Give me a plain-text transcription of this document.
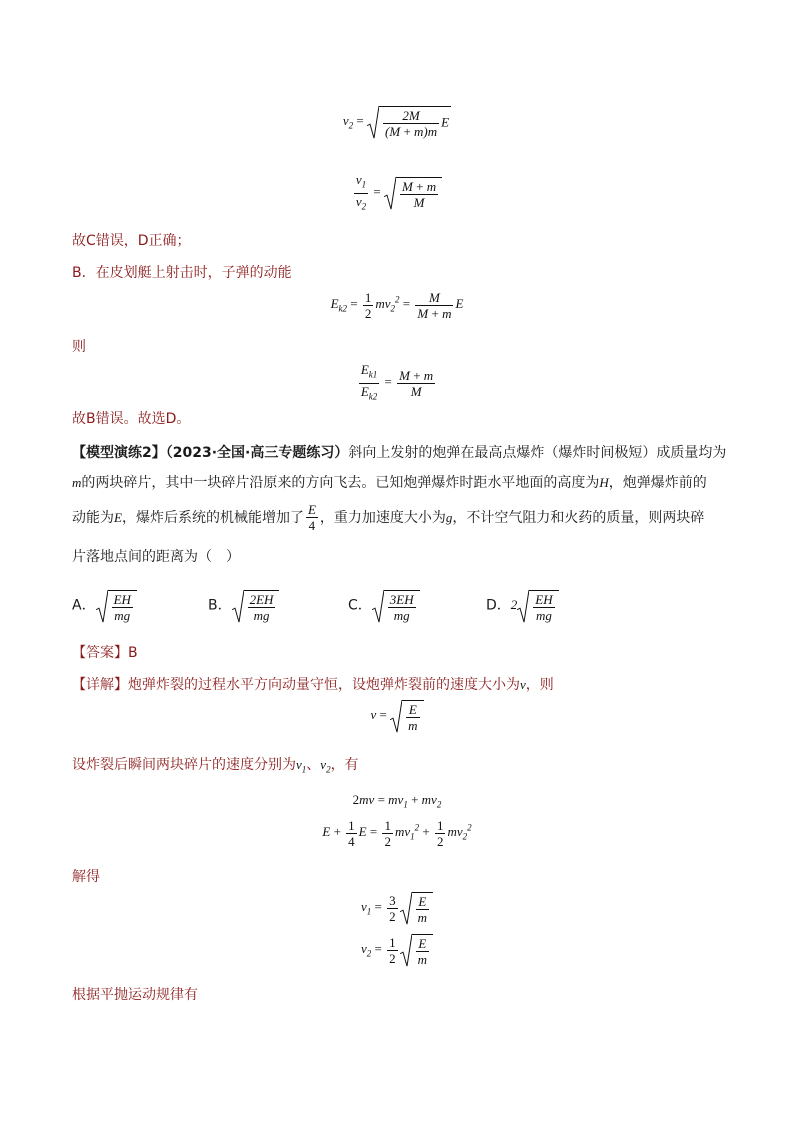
$v_2 = \frac{2M}{(M + m)m}$ E
$\frac{v_1}{v_2} = \frac{M + m}{M}$
故C错误，D正确；
B．在皮划艇上射击时，子弹的动能
$E_{k2} = \frac{1}{2} mv_2^2 = \frac{M}{M + m}$ E
则
$\frac{E_{k1}}{E_{k2}} = \frac{M + m}{M}$
故B错误。故选D。
【模型演练2】（2023·全国·高三专题练习）斜向上发射的炮弹在最高点爆炸（爆炸时间极短）成质量均为
m的两块碎片，其中一块碎片沿原来的方向飞去。已知炮弹爆炸时距水平地面的高度为H，炮弹爆炸前的
动能为E，爆炸后系统的机械能增加了 $\frac{E}{4}$ ，重力加速度大小为g，不计空气阻力和火药的质量，则两块碎
片落地点间的距离为（　）
A． $\frac{EH}{mg}$	B． $\frac{2EH}{mg}$	C． $\frac{3EH}{mg}$	D．$2 \frac{EH}{mg}$
【答案】B
【详解】炮弹炸裂的过程水平方向动量守恒，设炮弹炸裂前的速度大小为v，则
$v = \frac{E}{m}$
设炸裂后瞬间两块碎片的速度分别为$v_1$、$v_2$，有
$2mv = mv_1 + mv_2$
$E + \frac{1}{4}$ $E = \frac{1}{2} mv_1^2 + \frac{1}{2} mv_2^2$
解得
$v_1 = \frac{3}{2} \frac{E}{m}$
$v_2 = \frac{1}{2} \frac{E}{m}$
根据平抛运动规律有
